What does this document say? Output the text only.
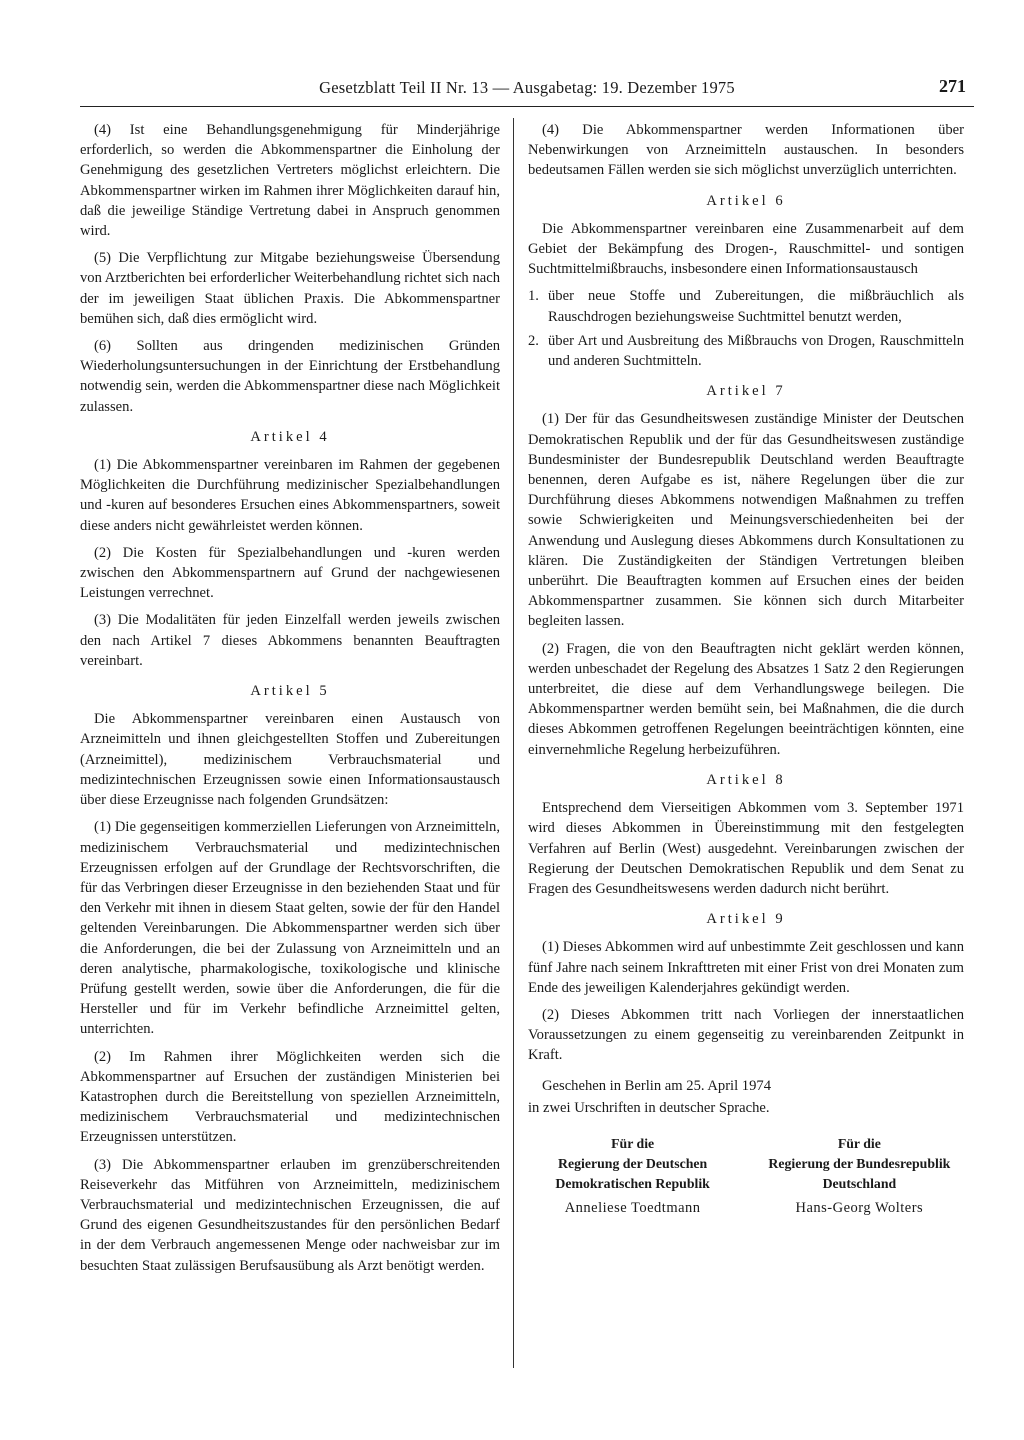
Gesetzblatt Teil II Nr. 13 — Ausgabetag: 19. Dezember 1975	271

(4) Ist eine Behandlungsgenehmigung für Minderjährige erforderlich, so werden die Abkommenspartner die Einholung der Genehmigung des gesetzlichen Vertreters möglichst erleichtern. Die Abkommenspartner wirken im Rahmen ihrer Möglichkeiten darauf hin, daß die jeweilige Ständige Vertretung dabei in Anspruch genommen wird.

(5) Die Verpflichtung zur Mitgabe beziehungsweise Übersendung von Arztberichten bei erforderlicher Weiterbehandlung richtet sich nach der im jeweiligen Staat üblichen Praxis. Die Abkommenspartner bemühen sich, daß dies ermöglicht wird.

(6) Sollten aus dringenden medizinischen Gründen Wiederholungsuntersuchungen in der Einrichtung der Erstbehandlung notwendig sein, werden die Abkommenspartner diese nach Möglichkeit zulassen.

Artikel 4

(1) Die Abkommenspartner vereinbaren im Rahmen der gegebenen Möglichkeiten die Durchführung medizinischer Spezialbehandlungen und -kuren auf besonderes Ersuchen eines Abkommenspartners, soweit diese anders nicht gewährleistet werden können.

(2) Die Kosten für Spezialbehandlungen und -kuren werden zwischen den Abkommenspartnern auf Grund der nachgewiesenen Leistungen verrechnet.

(3) Die Modalitäten für jeden Einzelfall werden jeweils zwischen den nach Artikel 7 dieses Abkommens benannten Beauftragten vereinbart.

Artikel 5

Die Abkommenspartner vereinbaren einen Austausch von Arzneimitteln und ihnen gleichgestellten Stoffen und Zubereitungen (Arzneimittel), medizinischem Verbrauchsmaterial und medizintechnischen Erzeugnissen sowie einen Informationsaustausch über diese Erzeugnisse nach folgenden Grundsätzen:

(1) Die gegenseitigen kommerziellen Lieferungen von Arzneimitteln, medizinischem Verbrauchsmaterial und medizintechnischen Erzeugnissen erfolgen auf der Grundlage der Rechtsvorschriften, die für das Verbringen dieser Erzeugnisse in den beziehenden Staat und für den Verkehr mit ihnen in diesem Staat gelten, sowie der für den Handel geltenden Vereinbarungen. Die Abkommenspartner werden sich über die Anforderungen, die bei der Zulassung von Arzneimitteln und an deren analytische, pharmakologische, toxikologische und klinische Prüfung gestellt werden, sowie über die Anforderungen, die für die Hersteller und für im Verkehr befindliche Arzneimittel gelten, unterrichten.

(2) Im Rahmen ihrer Möglichkeiten werden sich die Abkommenspartner auf Ersuchen der zuständigen Ministerien bei Katastrophen durch die Bereitstellung von speziellen Arzneimitteln, medizinischem Verbrauchsmaterial und medizintechnischen Erzeugnissen unterstützen.

(3) Die Abkommenspartner erlauben im grenzüberschreitenden Reiseverkehr das Mitführen von Arzneimitteln, medizinischem Verbrauchsmaterial und medizintechnischen Erzeugnissen, die auf Grund des eigenen Gesundheitszustandes für den persönlichen Bedarf in der dem Verbrauch angemessenen Menge oder nachweisbar zur im besuchten Staat zulässigen Berufsausübung als Arzt benötigt werden.

(4) Die Abkommenspartner werden Informationen über Nebenwirkungen von Arzneimitteln austauschen. In besonders bedeutsamen Fällen werden sie sich möglichst unverzüglich unterrichten.

Artikel 6

Die Abkommenspartner vereinbaren eine Zusammenarbeit auf dem Gebiet der Bekämpfung des Drogen-, Rauschmittel- und sontigen Suchtmittelmißbrauchs, insbesondere einen Informationsaustausch

1. über neue Stoffe und Zubereitungen, die mißbräuchlich als Rauschdrogen beziehungsweise Suchtmittel benutzt werden,
2. über Art und Ausbreitung des Mißbrauchs von Drogen, Rauschmitteln und anderen Suchtmitteln.
Artikel 7

(1) Der für das Gesundheitswesen zuständige Minister der Deutschen Demokratischen Republik und der für das Gesundheitswesen zuständige Bundesminister der Bundesrepublik Deutschland werden Beauftragte benennen, deren Aufgabe es ist, nähere Regelungen über die zur Durchführung dieses Abkommens notwendigen Maßnahmen zu treffen sowie Schwierigkeiten und Meinungsverschiedenheiten bei der Anwendung und Auslegung dieses Abkommens durch Konsultationen zu klären. Die Zuständigkeiten der Ständigen Vertretungen bleiben unberührt. Die Beauftragten kommen auf Ersuchen eines der beiden Abkommenspartner zusammen. Sie können sich durch Mitarbeiter begleiten lassen.

(2) Fragen, die von den Beauftragten nicht geklärt werden können, werden unbeschadet der Regelung des Absatzes 1 Satz 2 den Regierungen unterbreitet, die diese auf dem Verhandlungswege beilegen. Die Abkommenspartner werden bemüht sein, bei Maßnahmen, die die durch dieses Abkommen getroffenen Regelungen beeinträchtigen könnten, eine einvernehmliche Regelung herbeizuführen.

Artikel 8

Entsprechend dem Vierseitigen Abkommen vom 3. September 1971 wird dieses Abkommen in Übereinstimmung mit den festgelegten Verfahren auf Berlin (West) ausgedehnt. Vereinbarungen zwischen der Regierung der Deutschen Demokratischen Republik und dem Senat zu Fragen des Gesundheitswesens werden dadurch nicht berührt.

Artikel 9

(1) Dieses Abkommen wird auf unbestimmte Zeit geschlossen und kann fünf Jahre nach seinem Inkrafttreten mit einer Frist von drei Monaten zum Ende des jeweiligen Kalenderjahres gekündigt werden.

(2) Dieses Abkommen tritt nach Vorliegen der innerstaatlichen Voraussetzungen zu einem gegenseitig zu vereinbarenden Zeitpunkt in Kraft.

Geschehen in Berlin am 25. April 1974

in zwei Urschriften in deutscher Sprache.

Für die
Regierung der Deutschen
Demokratischen Republik
Anneliese Toedtmann
Für die
Regierung der Bundesrepublik
Deutschland
Hans-Georg Wolters
